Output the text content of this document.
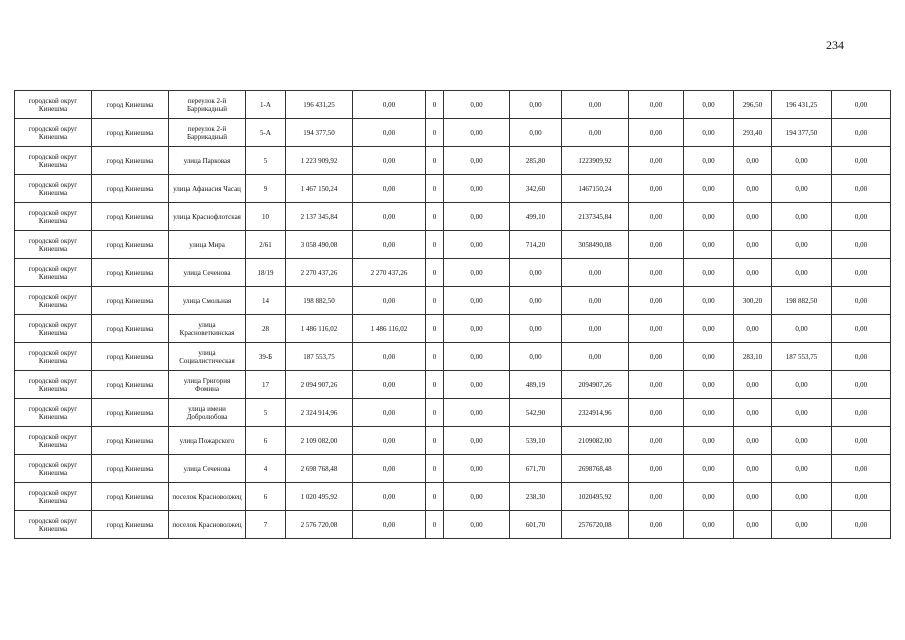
234
городской округ Кинешма	город Кинешма	переулок 2-й Баррикадный	1-А	196 431,25	0,00	0	0,00	0,00	0,00	0,00	0,00	296,50	196 431,25	0,00
городской округ Кинешма	город Кинешма	переулок 2-й Баррикадный	5-А	194 377,50	0,00	0	0,00	0,00	0,00	0,00	0,00	293,40	194 377,50	0,00
городской округ Кинешма	город Кинешма	улица Парковая	5	1 223 909,92	0,00	0	0,00	285,80	1223909,92	0,00	0,00	0,00	0,00	0,00
городской округ Кинешма	город Кинешма	улица Афанасия Часац	9	1 467 150,24	0,00	0	0,00	342,60	1467150,24	0,00	0,00	0,00	0,00	0,00
городской округ Кинешма	город Кинешма	улица Краснофлотская	10	2 137 345,84	0,00	0	0,00	499,10	2137345,84	0,00	0,00	0,00	0,00	0,00
городской округ Кинешма	город Кинешма	улица Мира	2/61	3 058 490,08	0,00	0	0,00	714,20	3058490,08	0,00	0,00	0,00	0,00	0,00
городской округ Кинешма	город Кинешма	улица Сеченова	18/19	2 270 437,26	2 270 437,26	0	0,00	0,00	0,00	0,00	0,00	0,00	0,00	0,00
городской округ Кинешма	город Кинешма	улица Смольная	14	198 882,50	0,00	0	0,00	0,00	0,00	0,00	0,00	300,20	198 882,50	0,00
городской округ Кинешма	город Кинешма	улица Красноветкинская	28	1 486 116,02	1 486 116,02	0	0,00	0,00	0,00	0,00	0,00	0,00	0,00	0,00
городской округ Кинешма	город Кинешма	улица Социалистическая	39-Б	187 553,75	0,00	0	0,00	0,00	0,00	0,00	0,00	283,10	187 553,75	0,00
городской округ Кинешма	город Кинешма	улица Григория Фомина	17	2 094 907,26	0,00	0	0,00	489,19	2094907,26	0,00	0,00	0,00	0,00	0,00
городской округ Кинешма	город Кинешма	улица имени Добролюбова	5	2 324 914,96	0,00	0	0,00	542,90	2324914,96	0,00	0,00	0,00	0,00	0,00
городской округ Кинешма	город Кинешма	улица Пожарского	6	2 109 082,00	0,00	0	0,00	539,10	2109082,00	0,00	0,00	0,00	0,00	0,00
городской округ Кинешма	город Кинешма	улица Сеченова	4	2 698 768,48	0,00	0	0,00	671,70	2698768,48	0,00	0,00	0,00	0,00	0,00
городской округ Кинешма	город Кинешма	поселок Красноволжец	6	1 020 495,92	0,00	0	0,00	238,30	1020495,92	0,00	0,00	0,00	0,00	0,00
городской округ Кинешма	город Кинешма	поселок Красноволжец	7	2 576 720,08	0,00	0	0,00	601,70	2576720,08	0,00	0,00	0,00	0,00	0,00
